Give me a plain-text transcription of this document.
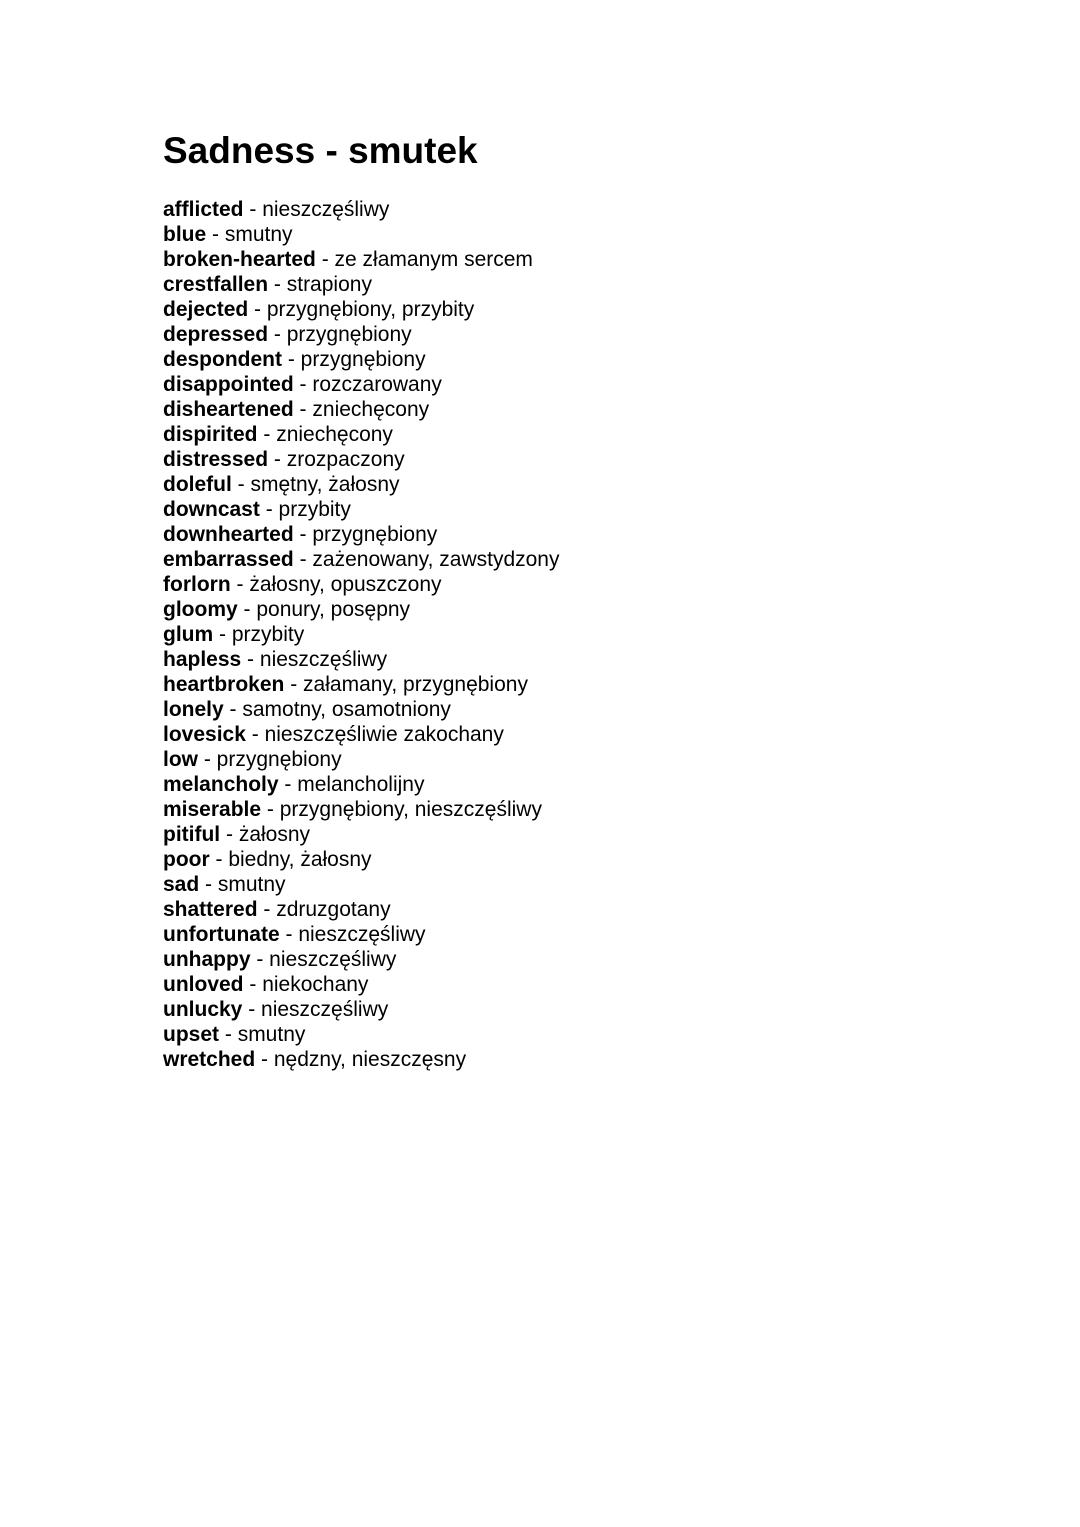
Sadness - smutek
afflicted - nieszczęśliwy
blue - smutny
broken-hearted - ze złamanym sercem
crestfallen - strapiony
dejected - przygnębiony, przybity
depressed - przygnębiony
despondent - przygnębiony
disappointed - rozczarowany
disheartened - zniechęcony
dispirited - zniechęcony
distressed - zrozpaczony
doleful - smętny, żałosny
downcast - przybity
downhearted - przygnębiony
embarrassed - zażenowany, zawstydzony
forlorn - żałosny, opuszczony
gloomy - ponury, posępny
glum - przybity
hapless - nieszczęśliwy
heartbroken - załamany, przygnębiony
lonely - samotny, osamotniony
lovesick - nieszczęśliwie zakochany
low - przygnębiony
melancholy - melancholijny
miserable - przygnębiony, nieszczęśliwy
pitiful - żałosny
poor - biedny, żałosny
sad - smutny
shattered - zdruzgotany
unfortunate - nieszczęśliwy
unhappy - nieszczęśliwy
unloved - niekochany
unlucky - nieszczęśliwy
upset - smutny
wretched - nędzny, nieszczęsny
